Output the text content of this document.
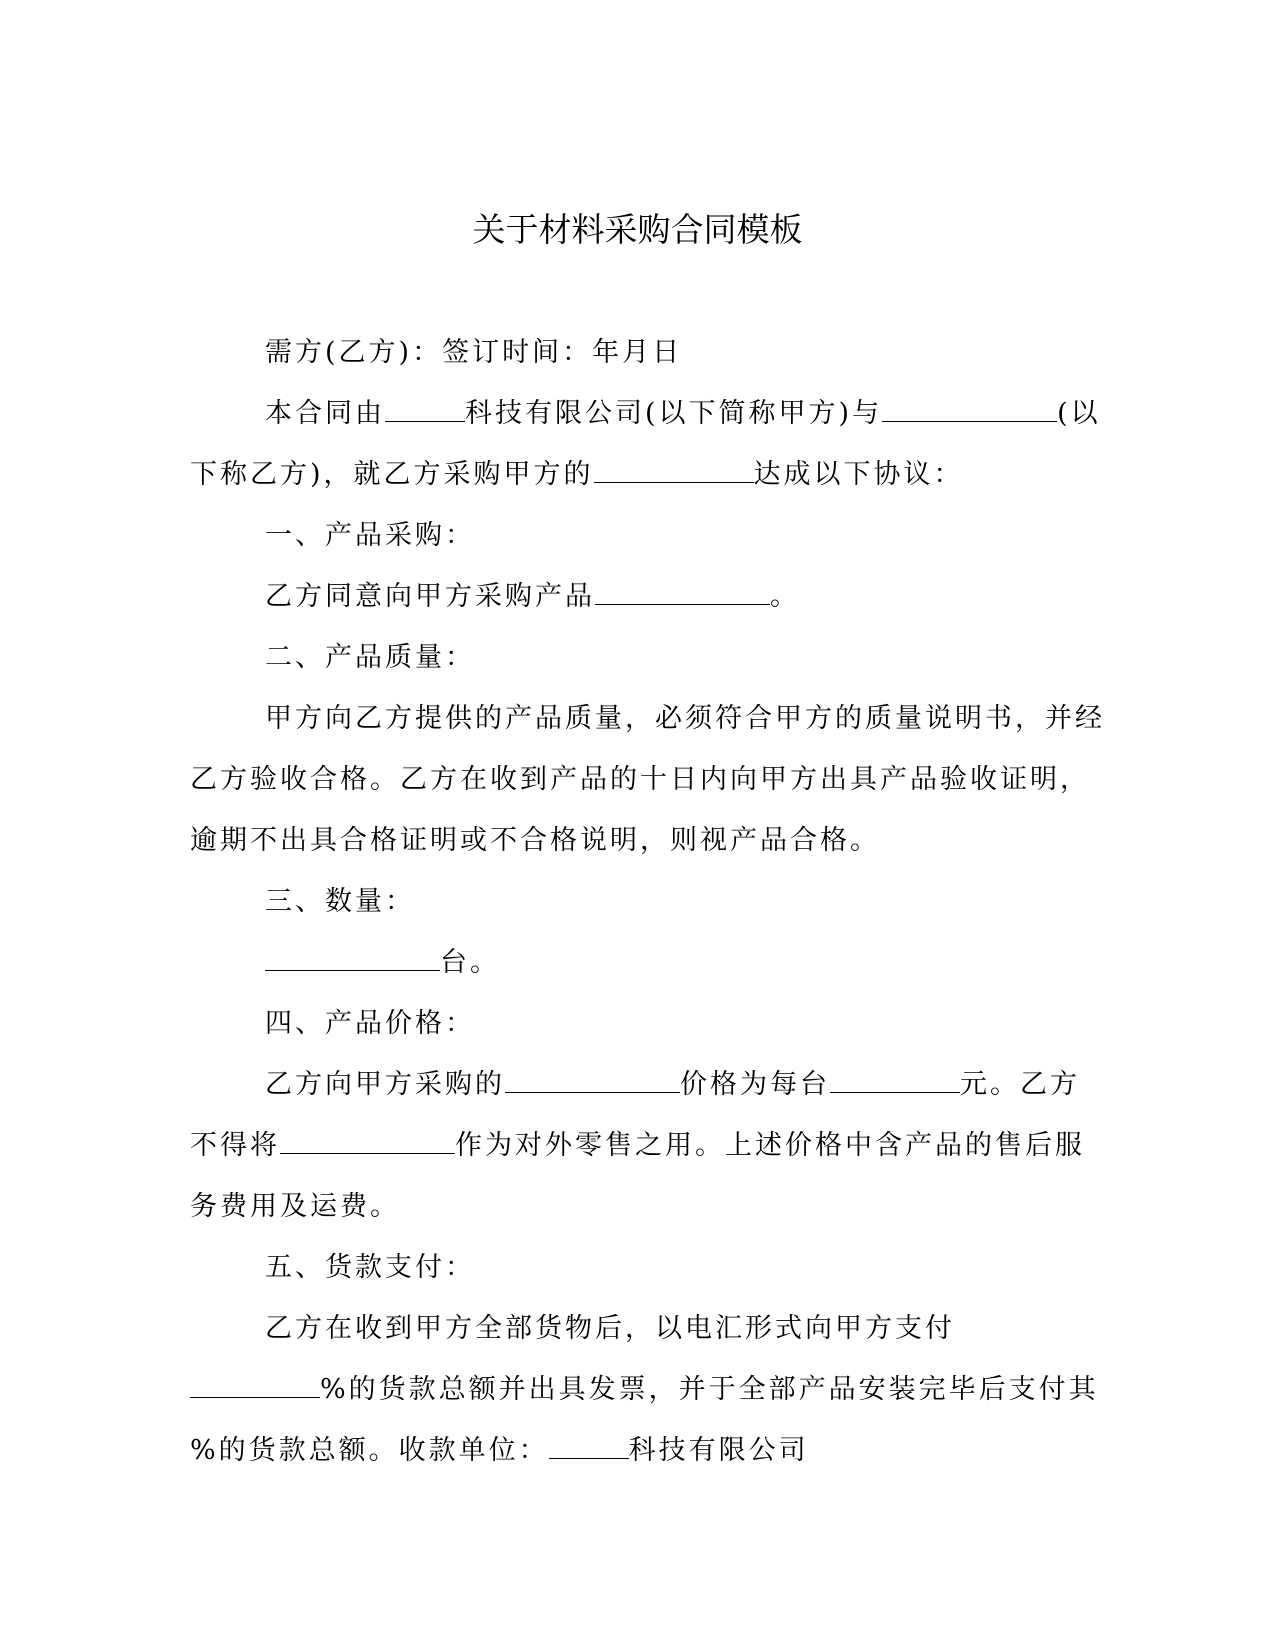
关于材料采购合同模板

需方(乙方)：签订时间：年月日

本合同由	科技有限公司(以下简称甲方)与	(以

下称乙方)，就乙方采购甲方的	达成以下协议：

一、产品采购：

乙方同意向甲方采购产品	。

二、产品质量：

甲方向乙方提供的产品质量，必须符合甲方的质量说明书，并经

乙方验收合格。乙方在收到产品的十日内向甲方出具产品验收证明，

逾期不出具合格证明或不合格说明，则视产品合格。

三、数量：

台。

四、产品价格：

乙方向甲方采购的	价格为每台	元。乙方

不得将	作为对外零售之用。上述价格中含产品的售后服

务费用及运费。

五、货款支付：

乙方在收到甲方全部货物后，以电汇形式向甲方支付

%的货款总额并出具发票，并于全部产品安装完毕后支付其

%的货款总额。收款单位：	科技有限公司
